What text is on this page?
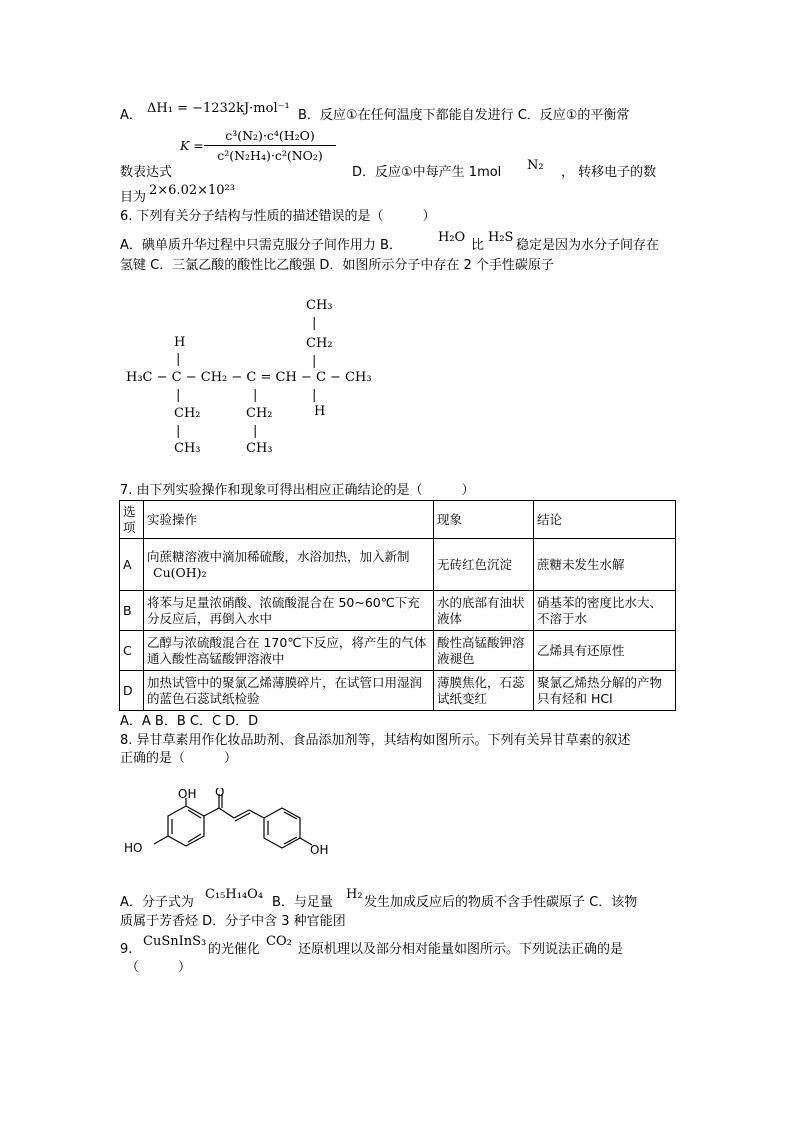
A． ΔH₁ = −1232kJ·mol⁻¹ B．反应①在任何温度下都能自发进行 C．反应①的平衡常
K =
c³(N₂)·c⁴(H₂O)
c²(N₂H₄)·c²(NO₂)
数表达式	D．反应①中每产生 1mol N₂ ， 转移电子的数
目为 2×6.02×10²³
6. 下列有关分子结构与性质的描述错误的是（　　　）
A．碘单质升华过程中只需克服分子间作用力 B．
H₂O
比
H₂S
稳定是因为水分子间存在
氢键 C．三氯乙酸的酸性比乙酸强 D．如图所示分子中存在 2 个手性碳原子
CH₃
|
CH₂
H
|	|
H₃C − C − CH₂ − C = CH − C − CH₃
|	|	|
H
CH₂	CH₂
|	|
CH₃	CH₃
7. 由下列实验操作和现象可得出相应正确结论的是（　　　）
选项	实验操作	现象	结论
A	向蔗糖溶液中滴加稀硫酸，水浴加热，加入新制Cu(OH)₂	无砖红色沉淀	蔗糖未发生水解
B	将苯与足量浓硝酸、浓硫酸混合在 50~60℃下充分反应后，再倒入水中	水的底部有油状液体	硝基苯的密度比水大、不溶于水
C	乙醇与浓硫酸混合在 170℃下反应，将产生的气体通入酸性高锰酸钾溶液中	酸性高锰酸钾溶液褪色	乙烯具有还原性
D	加热试管中的聚氯乙烯薄膜碎片，在试管口用湿润的蓝色石蕊试纸检验	薄膜焦化，石蕊试纸变红	聚氯乙烯热分解的产物只有烃和 HCl
A．A B．B C．C D．D
8. 异甘草素用作化妆品助剂、食品添加剂等，其结构如图所示。下列有关异甘草素的叙述
正确的是（　　　）
OH O
HO	OH
A．分子式为
C₁₅H₁₄O₄
B．与足量
H₂
发生加成反应后的物质不含手性碳原子 C．该物
质属于芳香烃 D．分子中含 3 种官能团
9.
CuSnInS₃
的光催化
CO₂
还原机理以及部分相对能量如图所示。下列说法正确的是
（　　　）
